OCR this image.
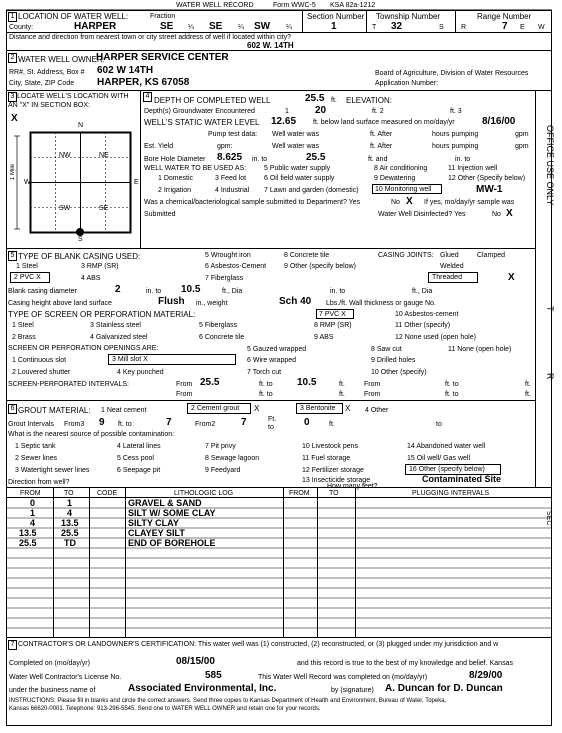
WATER WELL RECORD	Form WWC-5 KSA 82a-1212
1 LOCATION OF WATER WELL:
County:	HARPER
Fraction
SE ¼ SE ¼ SW ¼
Section Number
1
Township Number
T 32	S
Range Number
R	7 E W
Distance and direction from nearest town or city street address of well if located within city?
602 W. 14TH
2 WATER WELL OWNER:
HARPER SERVICE CENTER
RR#, St. Address, Box # 602 W 14TH
City, State, ZIP Code HARPER, KS 67058
Board of Agriculture, Division of Water Resources
Application Number:
3 LOCATE WELL'S LOCATION WITH
AN "X" IN SECTION BOX:
X
N
S
E
W
NW	NE
SW	SE
1 Mile
4 DEPTH OF COMPLETED WELL	25.5 ft. ELEVATION:
Depth(s) Groundwater Encountered	1	20	ft. 2	ft. 3
WELL'S STATIC WATER LEVEL 12.65 ft. below land surface measured on mo/day/yr	8/16/00
Pump test data: Well water was	ft. After	hours pumping	gpm
Est. Yield	gpm:	Well water was	ft. After	hours pumping	gpm
Bore Hole Diameter 8.625 in. to	25.5	ft. and	in. to
WELL WATER TO BE USED AS:
1 Domestic	3 Feed lot
5 Public water supply
6 Oil field water supply
8 Air conditioning
9 Dewatering
11 Injection well
12 Other (Specify below)
2 Irrigation	4 Industrial 7 Lawn and garden (domestic)	10 Monitoring well	MW-1
Was a chemical/bacteriological sample submitted to Department? Yes	No X If yes, mo/day/yr sample was
Submitted	Water Well Disinfected? Yes	No X
5 TYPE OF BLANK CASING USED:
1 Steel	3 RMP (SR)
5 Wrought iron
6 Asbestos-Cement
8 Concrete tile
9 Other (specify below)
2 PVC X	4 ABS	7 Fiberglass
CASING JOINTS: Glued	Clamped
Welded
Threaded	X
Blank casing diameter	2	in. to 10.5	ft., Dia	in. to	ft., Dia
Casing height above land surface	Flush in., weight	Sch 40 Lbs./ft. Wall thickness or gauge No.
TYPE OF SCREEN OR PERFORATION MATERIAL:	7 PVC X
1 Steel	3 Stainless steel	5 Fiberglass
10 Asbestos-cement
2 Brass	4 Galvanized steel	6 Concrete tile
8 RMP (SR)
9 ABS
11 Other (specify)
12 None used (open hole)
SCREEN OR PERFORATION OPENINGS ARE:
1 Continuous slot	3 Mill slot X
5 Gauzed wrapped
6 Wire wrapped
7 Torch cut
8 Saw cut
9 Drilled holes
10 Other (specify)
11 None (open hole)
2 Louvered shutter	4 Key punched
SCREEN-PERFORATED INTERVALS:	From 25.5	ft. to 10.5	ft.	From	ft. to	ft.
From	ft. to	ft.	From	ft. to	ft.
6 GROUT MATERIAL: 1 Neat cement	2 Cement grout	X	3 Bentonite	X 4 Other
Grout Intervals From3 9 ft. to	7	From2	7	Ft.
to	0	ft.	to
What is the nearest source of possible contamination:
1 Septic tank	4 Lateral lines	7 Pit privy	10 Livestock pens	14 Abandoned water well
2 Sewer lines	5 Cess pool	8 Sewage lagoon	11 Fuel storage	15 Oil well/ Gas well
3 Watertight sewer lines	6 Seepage pit	9 Feedyard	12 Fertilizer storage	16 Other (specify below)
13 Insecticide storage	Contaminated Site
Direction from well?
How many feet?
FROM	TO	CODE	LITHOLOGIC LOG	FROM	TO	PLUGGING INTERVALS
0	1	GRAVEL & SAND
1	4	SILT W/ SOME CLAY
4	13.5	SILTY CLAY
13.5	25.5	CLAYEY SILT
25.5	TD	END OF BOREHOLE
7 CONTRACTOR'S OR LANDOWNER'S CERTIFICATION: This water well was (1) constructed, (2) reconstructed, or (3) plugged under my jurisdiction and w
Completed on (mo/day/yr)	08/15/00	and this record is true to the best of my knowledge and belief. Kansas
Water Well Contractor's License No.	585	This Water Well Record was completed on (mo/day/yr)	8/29/00
under the business name of	Associated Environmental, Inc.	by (signature) A. Duncan for D. Duncan
INSTRUCTIONS: Please fill in blanks and circle the correct answers. Send three copies to Kansas Department of Health and Environment, Bureau of Water, Topeka,
Kansas 66620-0001. Telephone: 913-296-5545. Send one to WATER WELL OWNER and retain one for your records.
OFFICE USE ONLY
T
R
SEC
